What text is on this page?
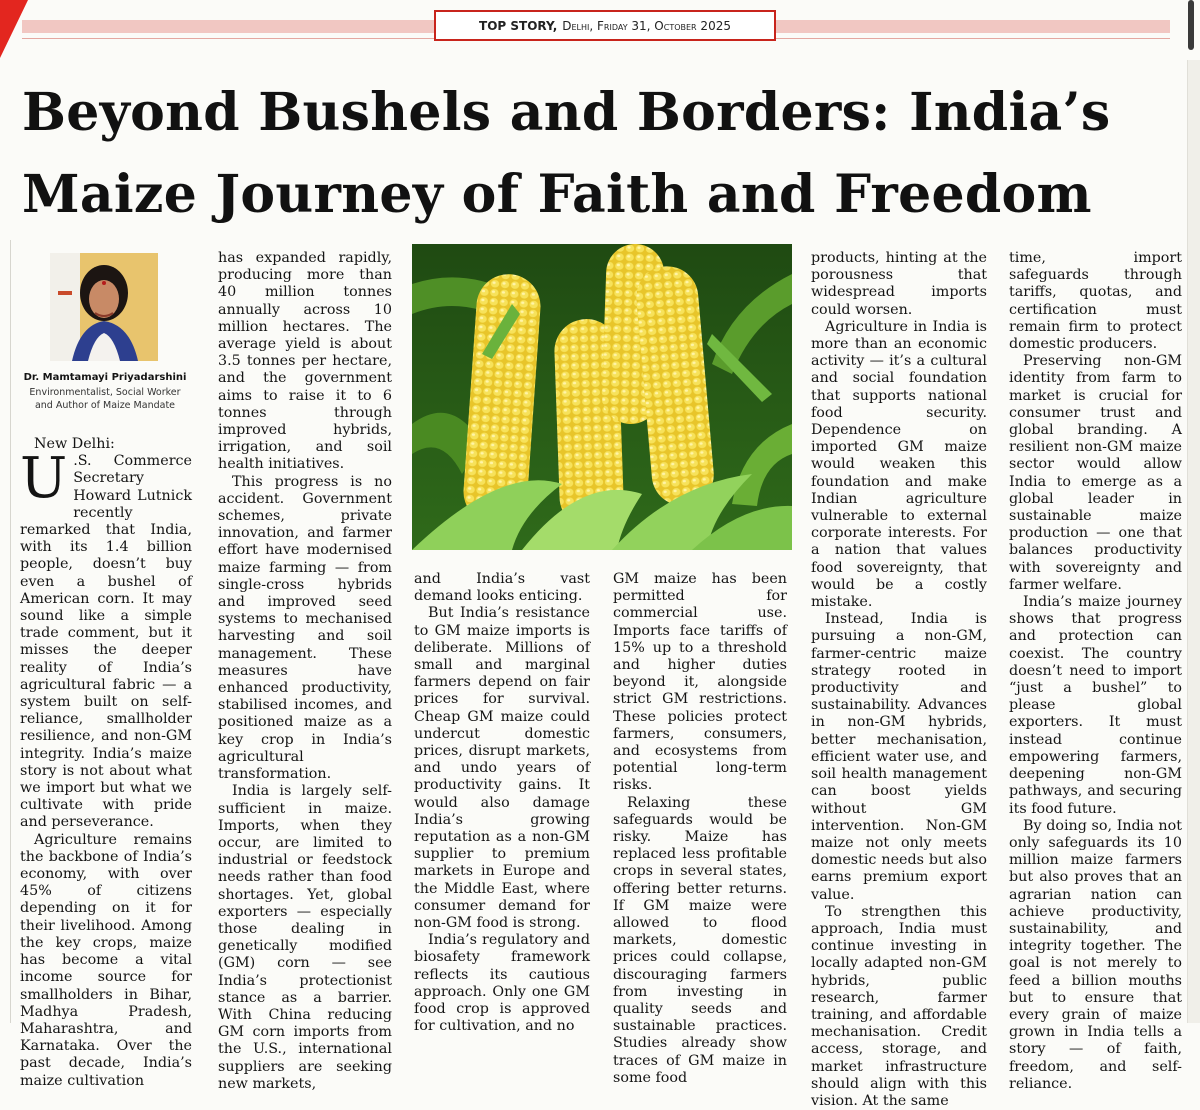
TOP STORY, Delhi, Friday 31, October 2025
Beyond Bushels and Borders: India’s
Maize Journey of Faith and Freedom
Dr. Mamtamayi Priyadarshini
Environmentalist, Social Worker
and Author of Maize Mandate

New Delhi:

U .S. Commerce Secretary Howard Lutnick recently remarked that India, with its 1.4 billion people, doesn’t buy even a bushel of American corn. It may sound like a simple trade comment, but it misses the deeper reality of India’s agricultural fabric — a system built on self-reliance, smallholder resilience, and non-GM integrity. India’s maize story is not about what we import but what we cultivate with pride and perseverance.

Agriculture remains the backbone of India’s economy, with over 45% of citizens depending on it for their livelihood. Among the key crops, maize has become a vital income source for smallholders in Bihar, Madhya Pradesh, Maharashtra, and Karnataka. Over the past decade, India’s maize cultivation

has expanded rapidly, producing more than 40 million tonnes annually across 10 million hectares. The average yield is about 3.5 tonnes per hectare, and the government aims to raise it to 6 tonnes through improved hybrids, irrigation, and soil health initiatives.

This progress is no accident. Government schemes, private innovation, and farmer effort have modernised maize farming — from single-cross hybrids and improved seed systems to mechanised harvesting and soil management. These measures have enhanced productivity, stabilised incomes, and positioned maize as a key crop in India’s agricultural transformation.

India is largely self-sufficient in maize. Imports, when they occur, are limited to industrial or feedstock needs rather than food shortages. Yet, global exporters — especially those dealing in genetically modified (GM) corn — see India’s protectionist stance as a barrier. With China reducing GM corn imports from the U.S., international suppliers are seeking new markets,

and India’s vast demand looks enticing.

But India’s resistance to GM maize imports is deliberate. Millions of small and marginal farmers depend on fair prices for survival. Cheap GM maize could undercut domestic prices, disrupt markets, and undo years of productivity gains. It would also damage India’s growing reputation as a non-GM supplier to premium markets in Europe and the Middle East, where consumer demand for non-GM food is strong.

India’s regulatory and biosafety framework reflects its cautious approach. Only one GM food crop is approved for cultivation, and no

GM maize has been permitted for commercial use. Imports face tariffs of 15% up to a threshold and higher duties beyond it, alongside strict GM restrictions. These policies protect farmers, consumers, and ecosystems from potential long-term risks.

Relaxing these safeguards would be risky. Maize has replaced less profitable crops in several states, offering better returns. If GM maize were allowed to flood markets, domestic prices could collapse, discouraging farmers from investing in quality seeds and sustainable practices. Studies already show traces of GM maize in some food

products, hinting at the porousness that widespread imports could worsen.

Agriculture in India is more than an economic activity — it’s a cultural and social foundation that supports national food security. Dependence on imported GM maize would weaken this foundation and make Indian agriculture vulnerable to external corporate interests. For a nation that values food sovereignty, that would be a costly mistake.

Instead, India is pursuing a non-GM, farmer-centric maize strategy rooted in productivity and sustainability. Advances in non-GM hybrids, better mechanisation, efficient water use, and soil health management can boost yields without GM intervention. Non-GM maize not only meets domestic needs but also earns premium export value.

To strengthen this approach, India must continue investing in locally adapted non-GM hybrids, public research, farmer training, and affordable mechanisation. Credit access, storage, and market infrastructure should align with this vision. At the same

time, import safeguards through tariffs, quotas, and certification must remain firm to protect domestic producers.

Preserving non-GM identity from farm to market is crucial for consumer trust and global branding. A resilient non-GM maize sector would allow India to emerge as a global leader in sustainable maize production — one that balances productivity with sovereignty and farmer welfare.

India’s maize journey shows that progress and protection can coexist. The country doesn’t need to import “just a bushel” to please global exporters. It must instead continue empowering farmers, deepening non-GM pathways, and securing its food future.

By doing so, India not only safeguards its 10 million maize farmers but also proves that an agrarian nation can achieve productivity, sustainability, and integrity together. The goal is not merely to feed a billion mouths but to ensure that every grain of maize grown in India tells a story — of faith, freedom, and self-reliance.
